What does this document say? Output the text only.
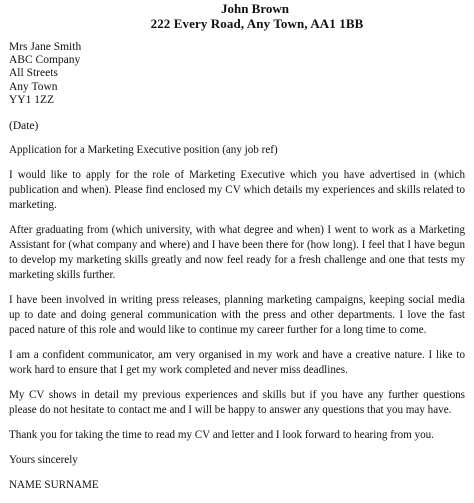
John Brown
222 Every Road, Any Town, AA1 1BB
Mrs Jane Smith
ABC Company
All Streets
Any Town
YY1 1ZZ
(Date)

Application for a Marketing Executive position (any job ref)

I would like to apply for the role of Marketing Executive which you have advertised in (which publication and when). Please find enclosed my CV which details my experiences and skills related to marketing.

After graduating from (which university, with what degree and when) I went to work as a Marketing Assistant for (what company and where) and I have been there for (how long). I feel that I have begun to develop my marketing skills greatly and now feel ready for a fresh challenge and one that tests my marketing skills further.

I have been involved in writing press releases, planning marketing campaigns, keeping social media up to date and doing general communication with the press and other departments. I love the fast paced nature of this role and would like to continue my career further for a long time to come.

I am a confident communicator, am very organised in my work and have a creative nature. I like to work hard to ensure that I get my work completed and never miss deadlines.

My CV shows in detail my previous experiences and skills but if you have any further questions please do not hesitate to contact me and I will be happy to answer any questions that you may have.

Thank you for taking the time to read my CV and letter and I look forward to hearing from you.

Yours sincerely

NAME SURNAME
